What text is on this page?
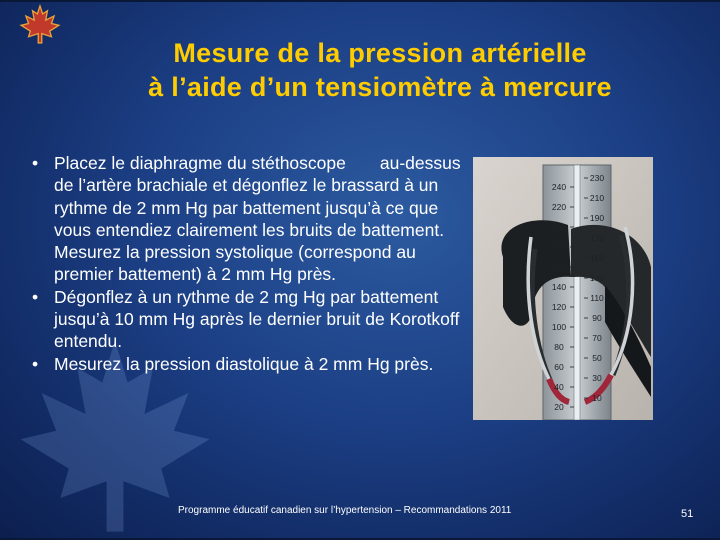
Mesure de la pression artérielle
à l’aide d’un tensiomètre à mercure
• Placez le diaphragme du stéthoscope       au-dessus de l’artère brachiale et dégonflez le brassard à un rythme de 2 mm Hg par battement jusqu’à ce que vous entendiez clairement les bruits de battement. Mesurez la pression systolique (correspond au premier battement) à 2 mm Hg près.
• Dégonflez à un rythme de 2 mg Hg par battement jusqu’à 10 mm Hg après le dernier bruit de Korotkoff entendu.
• Mesurez la pression diastolique à 2 mm Hg près.
240
220
200
180
160
140
120
100
80
60
40
20
230
210
190
170
150
130
110
90
70
50
30
10
Programme éducatif canadien sur l’hypertension – Recommandations 2011	51
